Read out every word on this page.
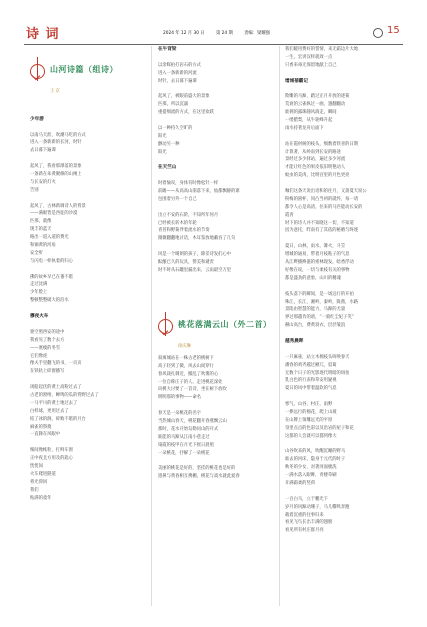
诗 词	2024 年 12 月 30 日	第 24 期	责编：梁耀强	15
山河诗篇（组诗）
王 京
少年游
以南马天涯，吹潮马吃的方式
进入一条新新的长河，时针
去日暮下遍谭
起风了，我看那瀑落的景象
一条新在朱黄聚修的山闸上
与长安的灯火
告别
起风了，古林新调诗人的背景
——满眼皆是西征的沙漠
匹那，就像
现丰的蓝天
路出一道入道的费光
和铜黄的河角
安全听
与闪电一样执着的归心
佛的故乡早已在番不堪
走过沈满
少年脸上
整顿整整破大的泊水
穆夜火车
驱空照西安的途中
我看见了数个去方
——底瘦的冬雪
它们像虎
像夫手里翻飞的书，一页页
在铁轨上碎窗播写
闭船起伏的黄土高粉过去了
古老的窗纳，蝉鸣的瓜的背野过去了
一马平川的黄土地过去了
白样球，更用过去了
结了冰的涧，碎败不堪的月台
麻雀的祭奠
一直降在风眼中
细间像帐粒，打鲜车窗
正中夜且方用及的匙心
恍恍间
火车爬进隧道
将光仰回
我们
贴满的童年
在牛背梁
以余晖拍打岩石的方式
进入一条新新的河流
时针，去日暮下遍谭
起风了，被眼前盛大的景象
匹那，所以沉溺
重提细流的方式，在这里欢跃
以一种持久空旷的
阳光
颤动另一种
阳光
在天竺山
时着愉叹，身体有时像松针一样
前瞻——从高高山崩落下来，仙都飘静的寨
包围着另外一个自己
出立不安的石阶，不知所年何月
已经被长转木的年轮
青苔和野菊伴着流水的节奏
微微翻翻地讨话，木耳鉴放地蔽吞了几句
风是一个晴朗的孩子，除差诗发们心中
酝酿已久的玩具，赞美和谴责
时不时从石罐里漏出来，云雨最空万里
桃花落满云山（外二首）
徐庆琳
叙寓城站在一株古老的桃树下
高子轻到了微，风去山间穿行
春风栽扎刺近，搬乱了吹雾的心
一位自称庄子的人，走进桃花深处
向桃大讨要了一首诗，坐在树下放吹
明明那的事物——命名
春天是一朵桃花的名字
当热城山春天，桃花翻开春燕飘云山
那时，花水开始勾勒问山的开式
谁能的马蹄从江南小巷走过
染霞的枝甲在月光下摇日晨照
一朵桃花，抒解了一朵桃花
美丽的桃花是好的，坚挂的桃花也是好的
遗鼻与黄昏相互携棚，桃花与戏水就此爱春
我们暖用费好的誓情，来无霜边片大地
一生，宏讲汉样就效一点
只香来毒无保留地献上自己
增城蓓霸记
欺雕的马蹄，踏过正月开放的迹菊
荒衰的云雀纵过一曲，翅翻翻动
谁拥的露珠随风淌走，瞬间
一缕腊梨，从牛轮峰升起
雨水持著龙舟后面下
站在霞材树的枝头，细数着铁青的日期
计算著，从岭南到长安的路途
景经过多少驿站，遍过多少河流
才能让红色的果皮依旧明艳动人
蚊虫的美肉，比明宫里的月色更亮
咖们这条天说出语和的往月，又蔷夏天说公
粉梅的圆杯，同凸当初的就怀，每一请
都令人心是高清，住来的马匹能动长安的
霞青
时下的诗人并不知晓这一切，不知道
因为意托，昨南有了其依的秘磨与终逐
夏日，山林，雨水，篝火，斗笠
增城的通易，带着月枝粘子的气息
从江畔播搀滋的密林现发，暗香浮动
好像在说，一切与柔枝有关的事物
都是盛劲的意象，山川的精魂
枝头落下的瞬间，是一场远行的开拍
殊江，长江，湘岭，秦岭，陇菌，水路
景陷由智慧的能力，马蹄的尤量
界过那越肯的谱，“一骑红尘妃子笑”
赫山高台，费黄羽衣，层层皱浪
越秀晨晖
一只麻雀，站立木棉枝头叫唤春天
潘春的鸡齐越过额兀，驳葛
无数个日子的光影逐代明暗的斑鱼
乳白色的行表和草安用疑视
夏日的风中带着温软的气息
寒气，山谷，村庄，雨野
一捧远行的棉花，爬上山坡
在山牌上领雕远光的平原
垦里点点的色彩以及沿岩的屋子和花
这都的人会就可以都到像大
山谷吹来的风，吹醒沉睡的野马
谁去的河床，隐身于元代的时子
秋冬的少女，对著河面梳洗
一满水落入眼眸，青楼草刷
开满霜柔的竖荷
一百白马，立于鹏光下
岁月的风蹄动珊子，马儿嘶鸣奔跑
载着沉重的往事归来
看见飞鸟长出丰满的翅膀
看见所有村庄群月亮
